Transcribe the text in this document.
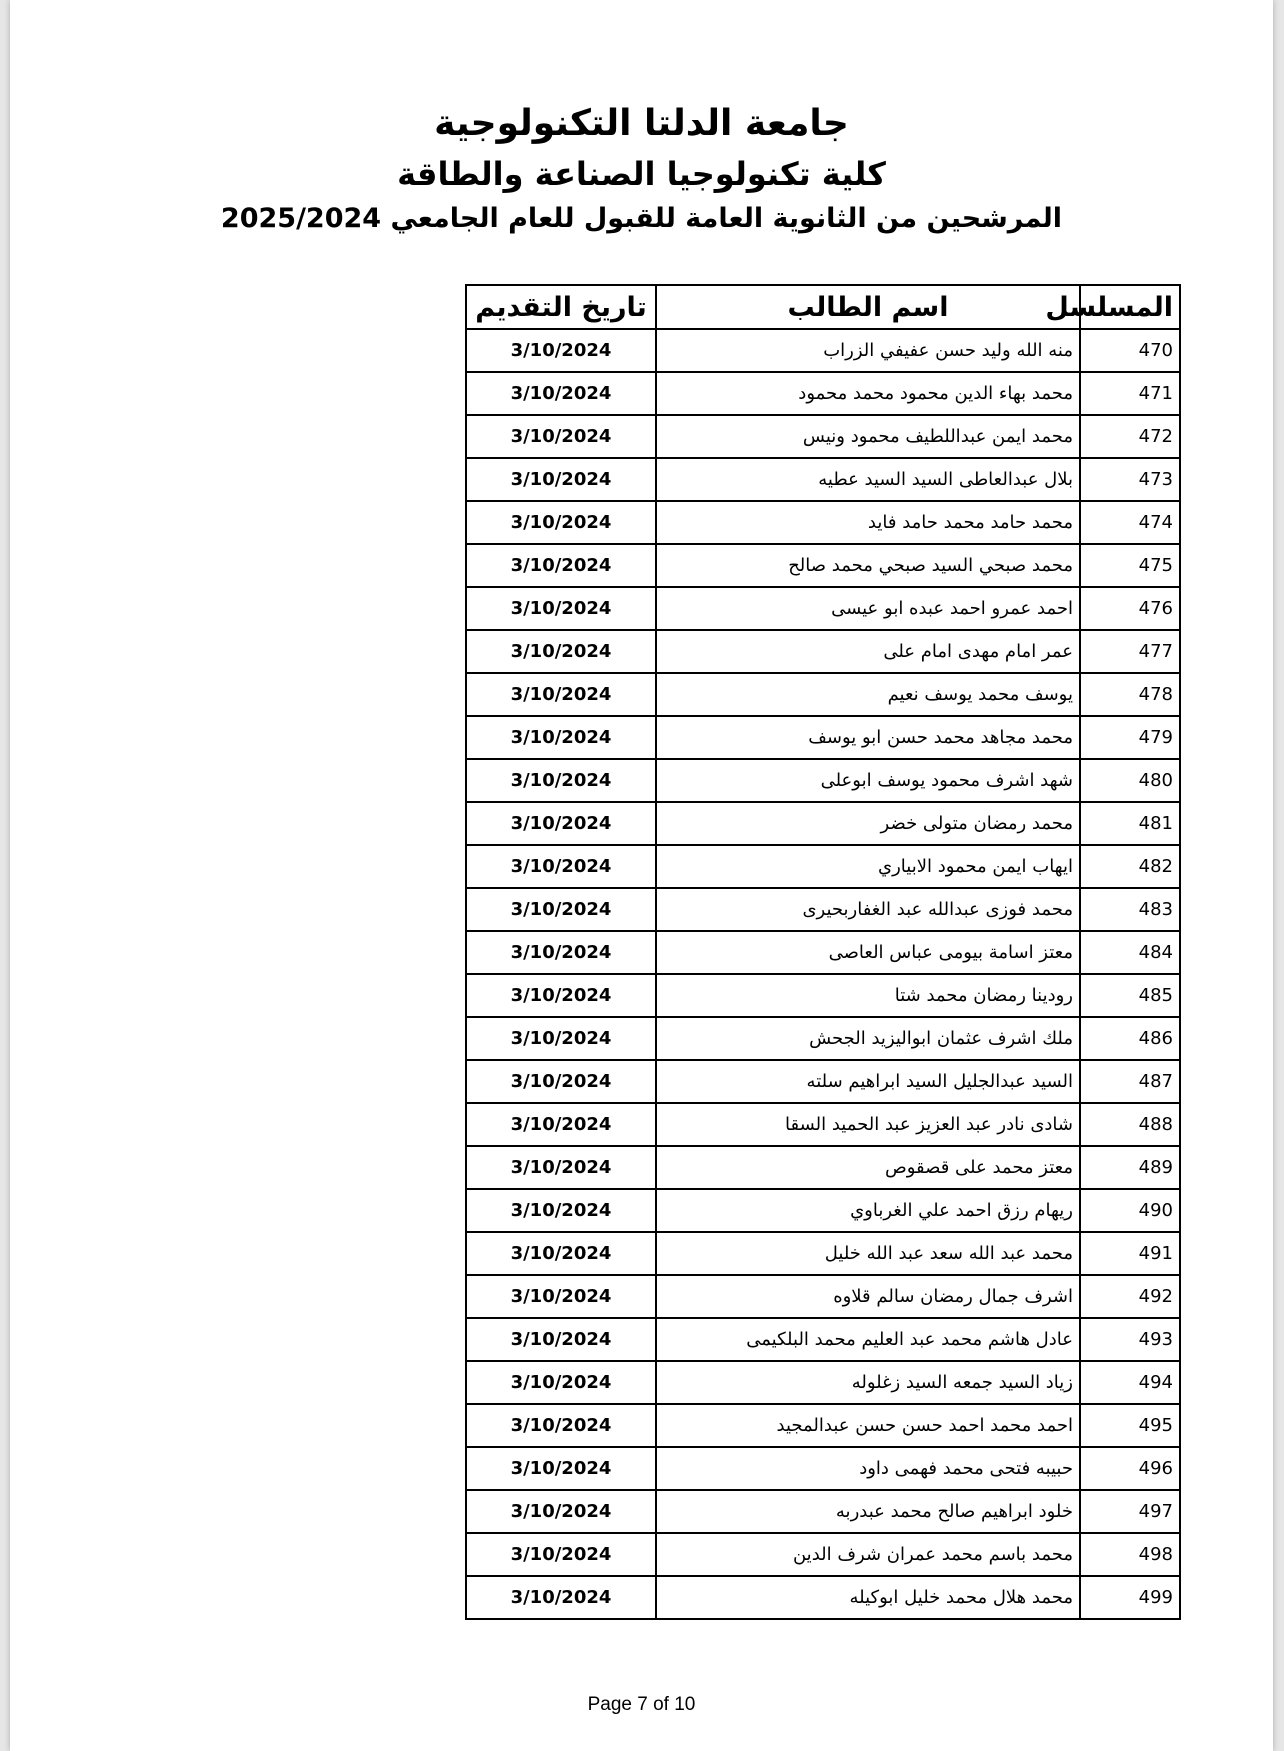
جامعة الدلتا التكنولوجية
كلية تكنولوجيا الصناعة والطاقة
المرشحين من الثانوية العامة للقبول للعام الجامعي 2025/2024
المسلسل	اسم الطالب	تاريخ التقديم
470	منه الله وليد حسن عفيفي الزراب	3/10/2024
471	محمد بهاء الدين محمود محمد محمود	3/10/2024
472	محمد ايمن عبداللطيف محمود ونيس	3/10/2024
473	بلال عبدالعاطى السيد السيد عطيه	3/10/2024
474	محمد حامد محمد حامد فايد	3/10/2024
475	محمد صبحي السيد صبحي محمد صالح	3/10/2024
476	احمد عمرو احمد عبده ابو عيسى	3/10/2024
477	عمر امام مهدى امام على	3/10/2024
478	يوسف محمد يوسف نعيم	3/10/2024
479	محمد مجاهد محمد حسن ابو يوسف	3/10/2024
480	شهد اشرف محمود يوسف ابوعلى	3/10/2024
481	محمد رمضان متولى خضر	3/10/2024
482	ايهاب ايمن محمود الابياري	3/10/2024
483	محمد فوزى عبدالله عبد الغفاربحيرى	3/10/2024
484	معتز اسامة بيومى عباس العاصى	3/10/2024
485	رودينا رمضان محمد شتا	3/10/2024
486	ملك اشرف عثمان ابواليزيد الجحش	3/10/2024
487	السيد عبدالجليل السيد ابراهيم سلته	3/10/2024
488	شادى نادر عبد العزيز عبد الحميد السقا	3/10/2024
489	معتز محمد على قصقوص	3/10/2024
490	ريهام رزق احمد علي الغرباوي	3/10/2024
491	محمد عبد الله سعد عبد الله خليل	3/10/2024
492	اشرف جمال رمضان سالم قلاوه	3/10/2024
493	عادل هاشم محمد عبد العليم محمد البلكيمى	3/10/2024
494	زياد السيد جمعه السيد زغلوله	3/10/2024
495	احمد محمد احمد حسن حسن عبدالمجيد	3/10/2024
496	حبيبه فتحى محمد فهمى داود	3/10/2024
497	خلود ابراهيم صالح محمد عبدربه	3/10/2024
498	محمد باسم محمد عمران شرف الدين	3/10/2024
499	محمد هلال محمد خليل ابوكيله	3/10/2024
Page 7 of 10
